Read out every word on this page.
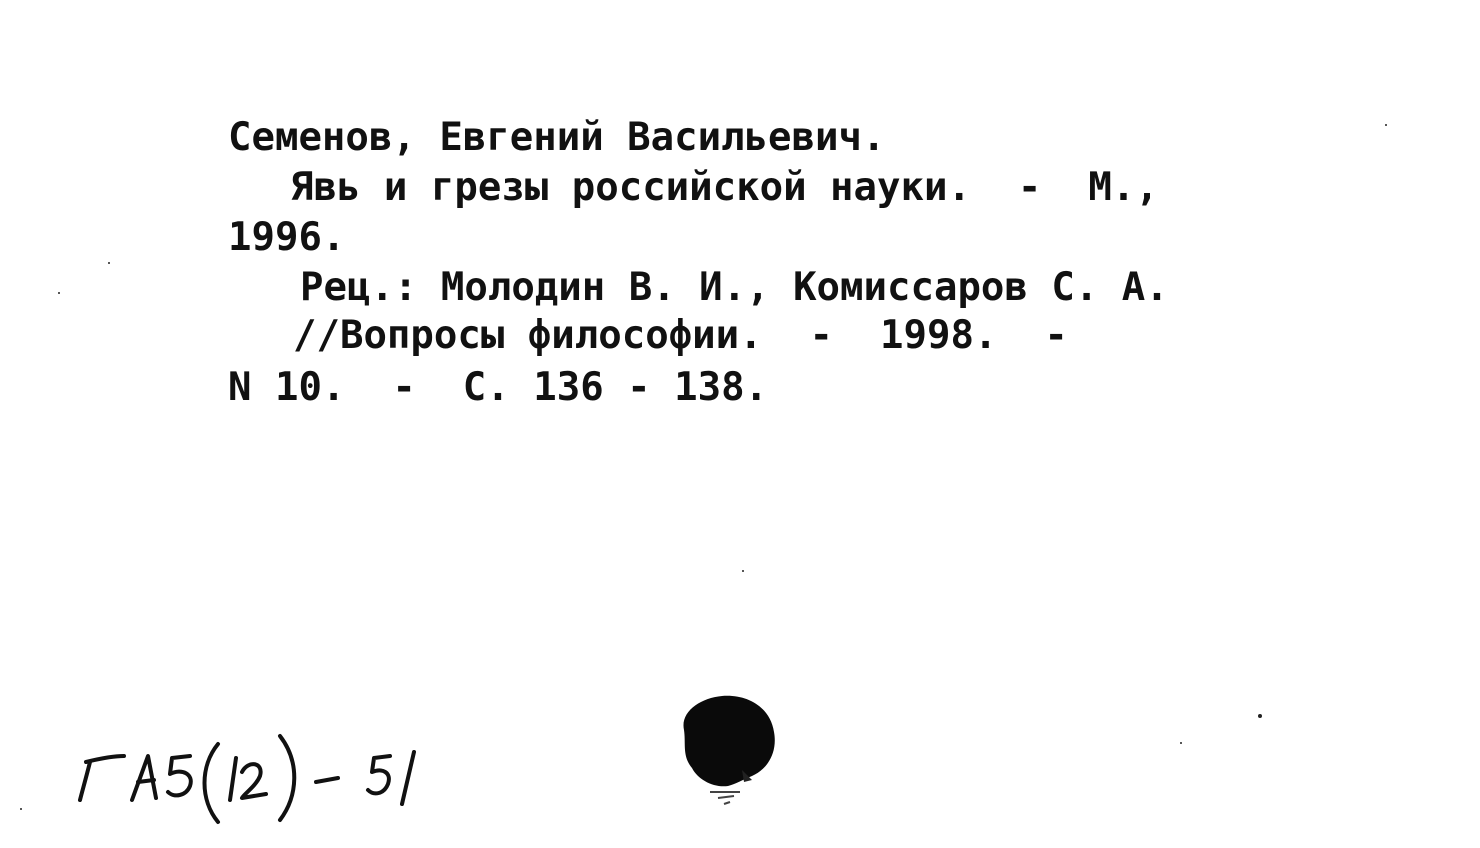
Семенов, Евгений Васильевич.
Явь и грезы российской науки.  -  М.,
1996.
Рец.: Молодин В. И., Комиссаров С. А.
//Вопросы философии.  -  1998.  -
N 10.  -  С. 136 - 138.
